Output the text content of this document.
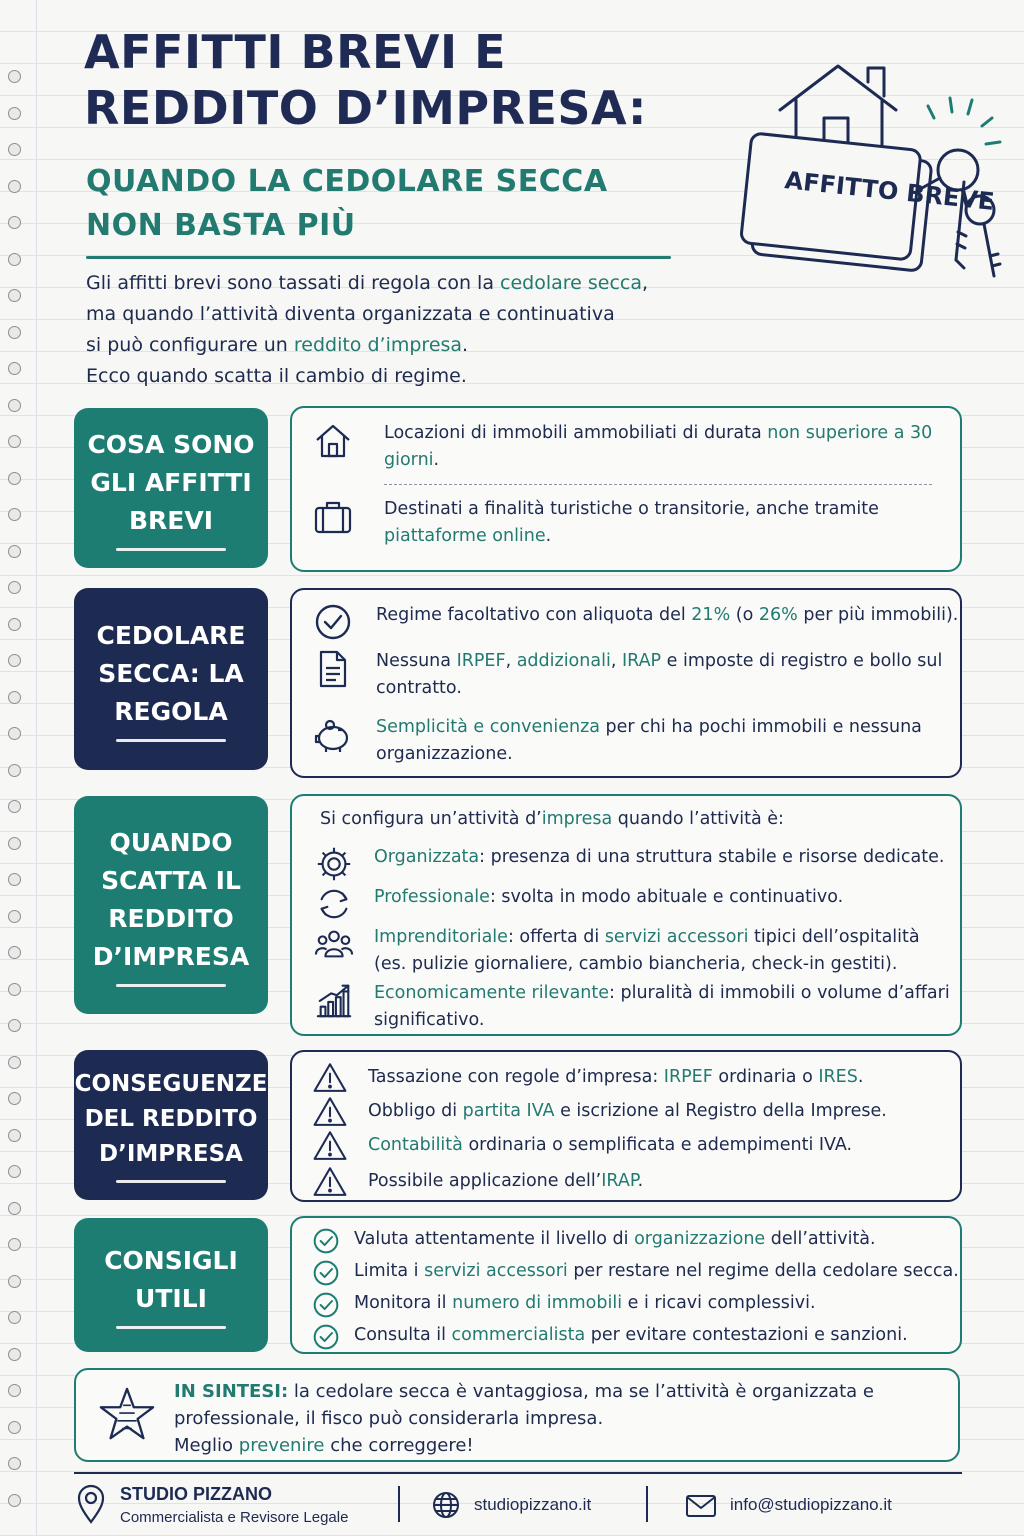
AFFITTI BREVI E REDDITO D’IMPRESA:
QUANDO LA CEDOLARE SECCA NON BASTA PIÙ
AFFITTO BREVE
Gli affitti brevi sono tassati di regola con la cedolare secca,
ma quando l’attività diventa organizzata e continuativa
si può configurare un reddito d’impresa.
Ecco quando scatta il cambio di regime.
COSA SONO GLI AFFITTI BREVI
Locazioni di immobili ammobiliati di durata non superiore a 30 giorni.
Destinati a finalità turistiche o transitorie, anche tramite piattaforme online.
CEDOLARE SECCA: LA REGOLA
Regime facoltativo con aliquota del 21% (o 26% per più immobili).
Nessuna IRPEF, addizionali, IRAP e imposte di registro e bollo sul contratto.
Semplicità e convenienza per chi ha pochi immobili e nessuna organizzazione.
QUANDO SCATTA IL REDDITO D’IMPRESA
Si configura un’attività d’impresa quando l’attività è:
Organizzata: presenza di una struttura stabile e risorse dedicate.
Professionale: svolta in modo abituale e continuativo.
Imprenditoriale: offerta di servizi accessori tipici dell’ospitalità (es. pulizie giornaliere, cambio biancheria, check-in gestiti).
Economicamente rilevante: pluralità di immobili o volume d’affari significativo.
CONSEGUENZE DEL REDDITO D’IMPRESA
Tassazione con regole d’impresa: IRPEF ordinaria o IRES.
Obbligo di partita IVA e iscrizione al Registro della Imprese.
Contabilità ordinaria o semplificata e adempimenti IVA.
Possibile applicazione dell’IRAP.
CONSIGLI UTILI
Valuta attentamente il livello di organizzazione dell’attività.
Limita i servizi accessori per restare nel regime della cedolare secca.
Monitora il numero di immobili e i ricavi complessivi.
Consulta il commercialista per evitare contestazioni e sanzioni.
IN SINTESI: la cedolare secca è vantaggiosa, ma se l’attività è organizzata e professionale, il fisco può considerarla impresa.
Meglio prevenire che correggere!
STUDIO PIZZANO
Commercialista e Revisore Legale
studiopizzano.it	info@studiopizzano.it
